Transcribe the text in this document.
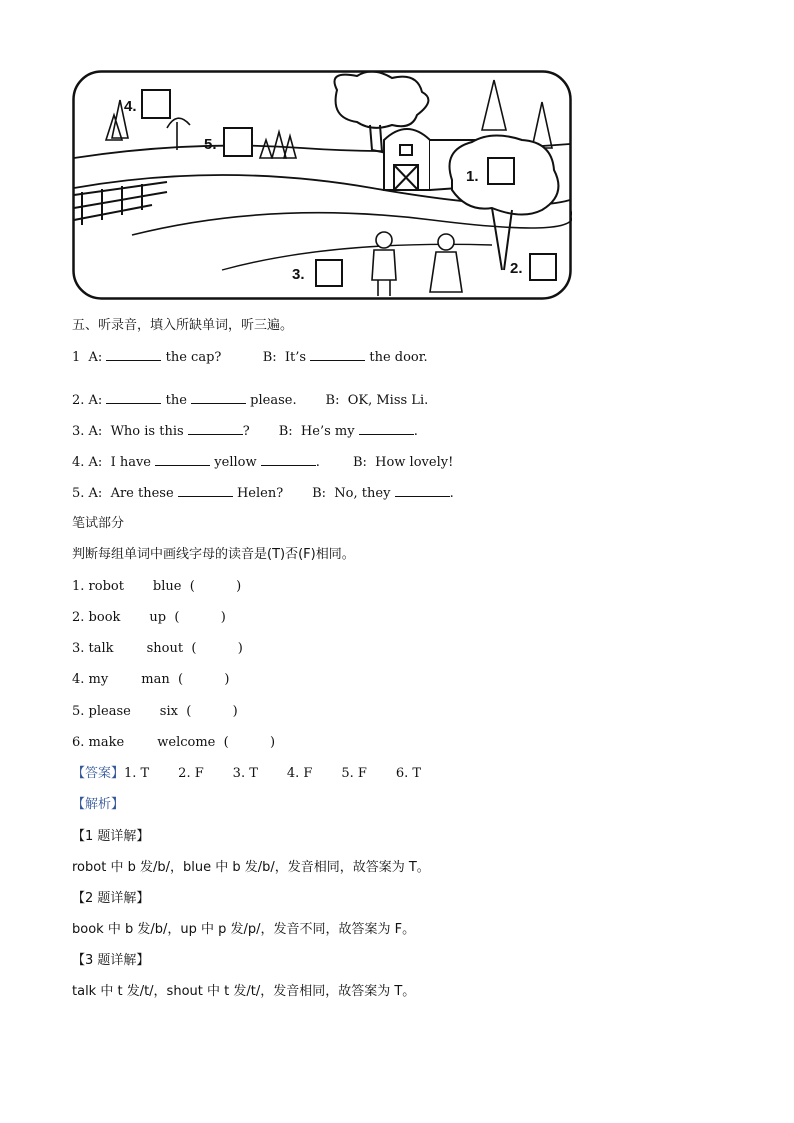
4.
5.
1.
2.
3.
五、听录音，填入所缺单词，听三遍。
1 A:	the cap?	B:  It’s	the door.
2. A:	the	please. B:  OK, Miss Li.
3. A:  Who is this	? B:  He’s my	.
4. A:  I have	yellow	.	B:  How lovely!
5. A:  Are these	Helen? B:  No, they	.
笔试部分
判断每组单词中画线字母的读音是(T)否(F)相同。
1. robot blue (          )
2. book up (          )
3. talk	shout (          )
4. my	man (          )
5. please six (          )
6. make	welcome (          )
【答案】1. T 2. F 3. T 4. F 5. F 6. T
【解析】
【1 题详解】
robot 中 b 发/b/，blue 中 b 发/b/，发音相同，故答案为 T。
【2 题详解】
book 中 b 发/b/，up 中 p 发/p/，发音不同，故答案为 F。
【3 题详解】
talk 中 t 发/t/，shout 中 t 发/t/，发音相同，故答案为 T。
